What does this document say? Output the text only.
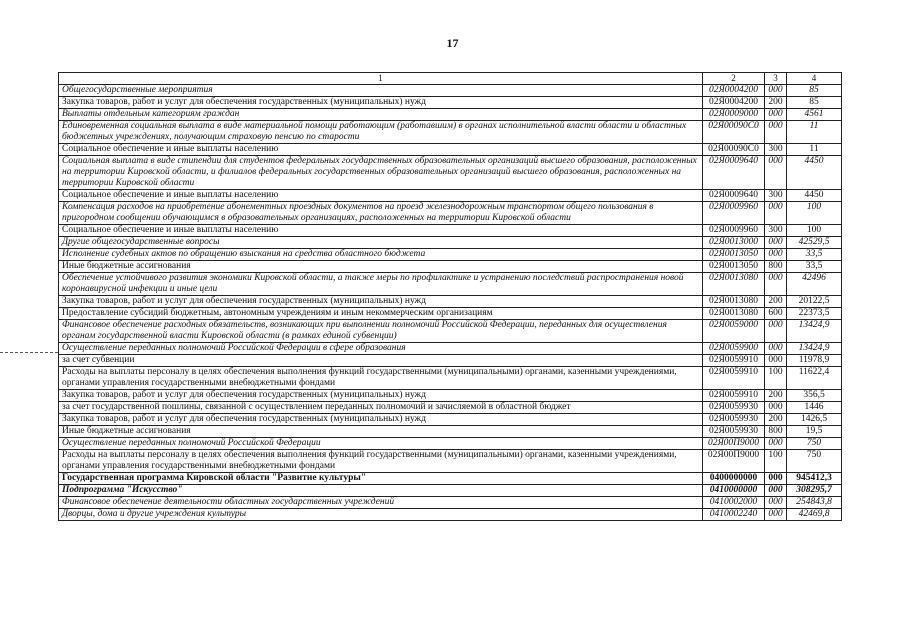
17
1	2	3	4
Общегосударственные мероприятия	02Я0004200	000	85
Закупка товаров, работ и услуг для обеспечения государственных (муниципальных) нужд	02Я0004200	200	85
Выплаты отдельным категориям граждан	02Я0009000	000	4561
Единовременная социальная выплата в виде материальной помощи работающим (работавшим) в органах исполнительной власти области и областных бюджетных учреждениях, получающим страховую пенсию по старости	02Я00090С0	000	11
Социальное обеспечение и иные выплаты населению	02Я00090С0	300	11
Социальная выплата в виде стипендии для студентов федеральных государственных образовательных организаций высшего образования, расположенных на территории Кировской области, и филиалов федеральных государственных образовательных организаций высшего образования, расположенных на территории Кировской области	02Я0009640	000	4450
Социальное обеспечение и иные выплаты населению	02Я0009640	300	4450
Компенсация расходов на приобретение абонементных проездных документов на проезд железнодорожным транспортом общего пользования в пригородном сообщении обучающимся в образовательных организациях, расположенных на территории Кировской области	02Я0009960	000	100
Социальное обеспечение и иные выплаты населению	02Я0009960	300	100
Другие общегосударственные вопросы	02Я0013000	000	42529,5
Исполнение судебных актов по обращению взыскания на средства областного бюджета	02Я0013050	000	33,5
Иные бюджетные ассигнования	02Я0013050	800	33,5
Обеспечение устойчивого развития экономики Кировской области, а также меры по профилактике и устранению последствий распространения новой коронавирусной инфекции и иные цели	02Я0013080	000	42496
Закупка товаров, работ и услуг для обеспечения государственных (муниципальных) нужд	02Я0013080	200	20122,5
Предоставление субсидий бюджетным, автономным учреждениям и иным некоммерческим организациям	02Я0013080	600	22373,5
Финансовое обеспечение расходных обязательств, возникающих при выполнении полномочий Российской Федерации, переданных для осуществления органам государственной власти Кировской области (в рамках единой субвенции)	02Я0059000	000	13424,9
Осуществление переданных полномочий Российской Федерации в сфере образования	02Я0059900	000	13424,9
за счет субвенции	02Я0059910	000	11978,9
Расходы на выплаты персоналу в целях обеспечения выполнения функций государственными (муниципальными) органами, казенными учреждениями, органами управления государственными внебюджетными фондами	02Я0059910	100	11622,4
Закупка товаров, работ и услуг для обеспечения государственных (муниципальных) нужд	02Я0059910	200	356,5
за счет государственной пошлины, связанной с осуществлением переданных полномочий и зачисляемой в областной бюджет	02Я0059930	000	1446
Закупка товаров, работ и услуг для обеспечения государственных (муниципальных) нужд	02Я0059930	200	1426,5
Иные бюджетные ассигнования	02Я0059930	800	19,5
Осуществление переданных полномочий Российской Федерации	02Я00П9000	000	750
Расходы на выплаты персоналу в целях обеспечения выполнения функций государственными (муниципальными) органами, казенными учреждениями, органами управления государственными внебюджетными фондами	02Я00П9000	100	750
Государственная программа Кировской области "Развитие культуры"	0400000000	000	945412,3
Подпрограмма "Искусство"	0410000000	000	308295,7
Финансовое обеспечение деятельности областных государственных учреждений	0410002000	000	254843,8
Дворцы, дома и другие учреждения культуры	0410002240	000	42469,8
